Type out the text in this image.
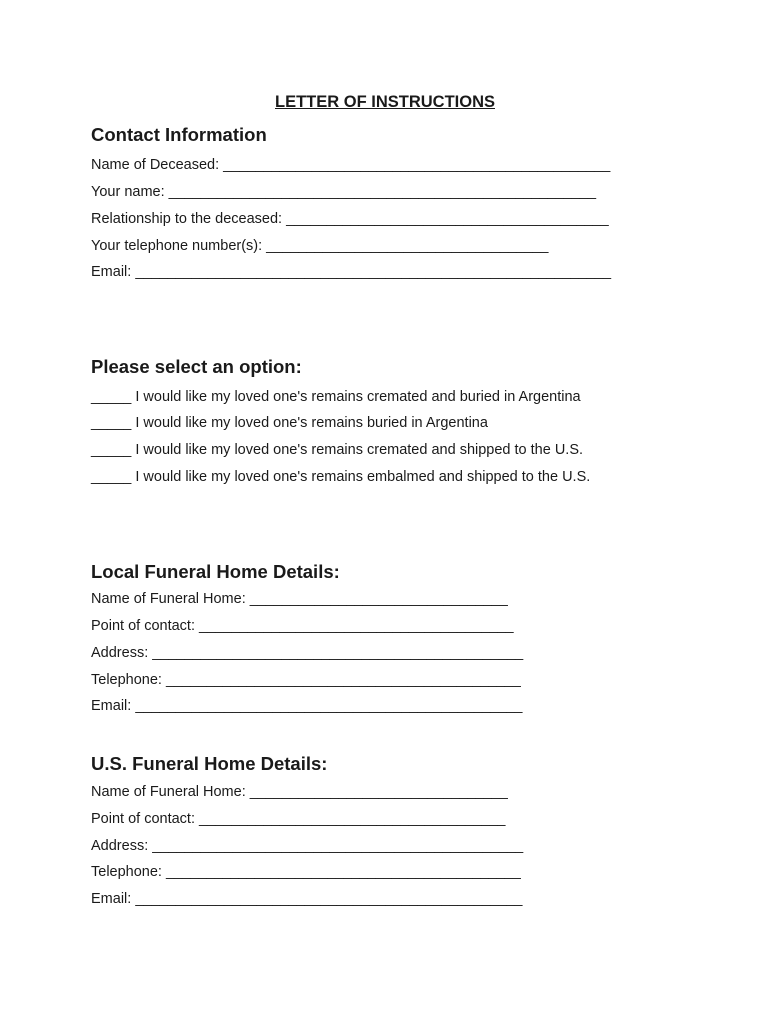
LETTER OF INSTRUCTIONS
Contact Information
Name of Deceased: ________________________________________________
Your name: _____________________________________________________
Relationship to the deceased: ________________________________________
Your telephone number(s): ___________________________________
Email: ___________________________________________________________
Please select an option:
_____ I would like my loved one's remains cremated and buried in Argentina
_____ I would like my loved one's remains buried in Argentina
_____ I would like my loved one's remains cremated and shipped to the U.S.
_____ I would like my loved one's remains embalmed and shipped to the U.S.
Local Funeral Home Details:
Name of Funeral Home: ________________________________
Point of contact: _______________________________________
Address: ______________________________________________
Telephone: ____________________________________________
Email: ________________________________________________
U.S. Funeral Home Details:
Name of Funeral Home: ________________________________
Point of contact: ______________________________________
Address: ______________________________________________
Telephone: ____________________________________________
Email: ________________________________________________
